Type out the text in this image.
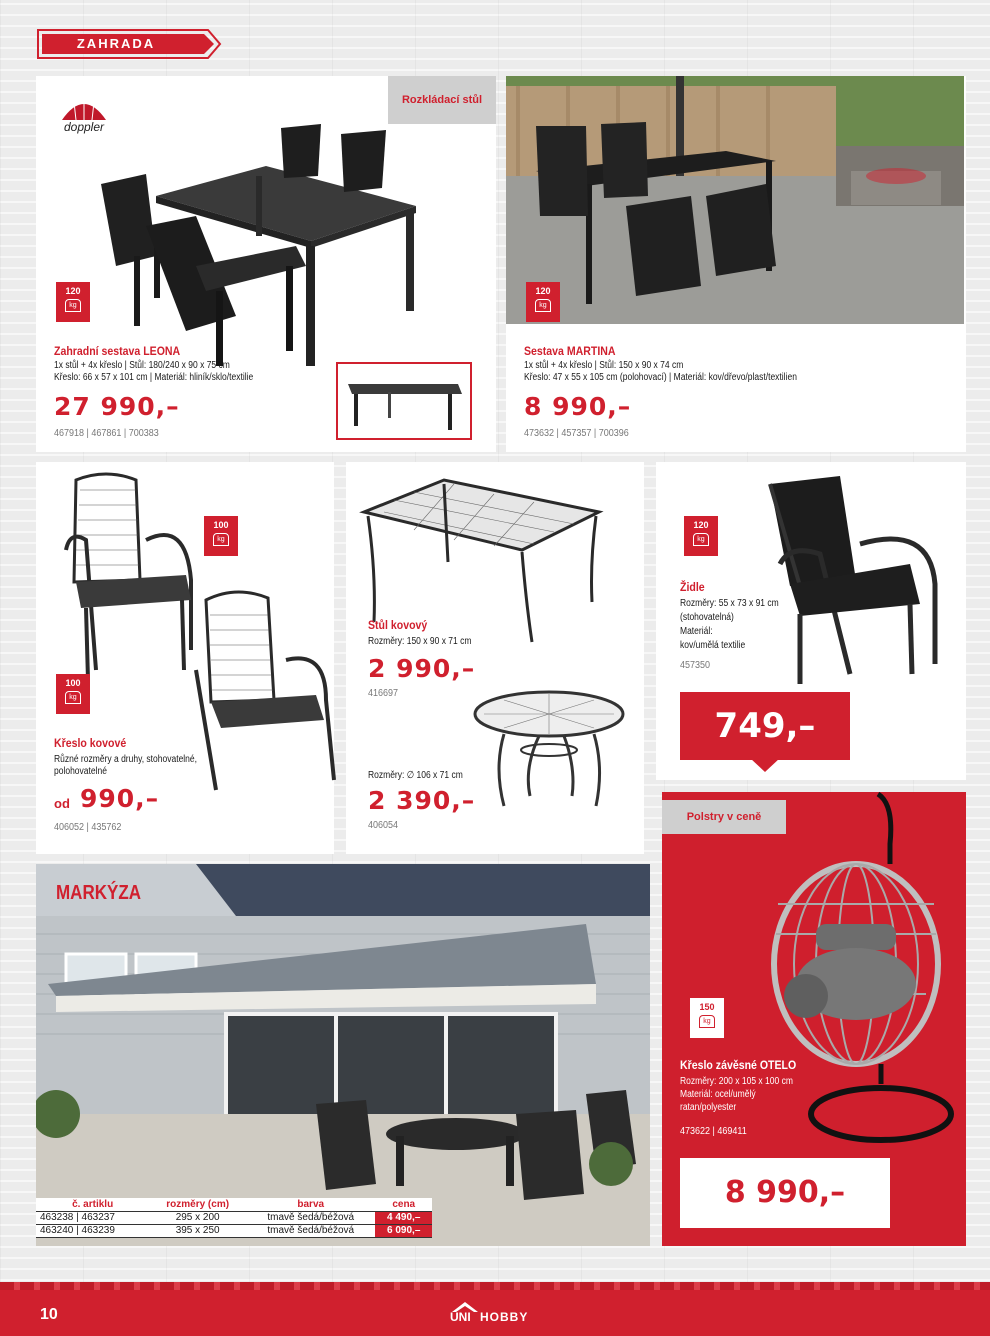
ZAHRADA
doppler
Rozkládací stůl
120
kg
Zahradní sestava LEONA
1x stůl + 4x křeslo | Stůl: 180/240 x 90 x 75 cm
Křeslo: 66 x 57 x 101 cm | Materiál: hliník/sklo/textilie
27 990,–
467918 | 467861 | 700383
120
kg
Sestava MARTINA
1x stůl + 4x křeslo | Stůl: 150 x 90 x 74 cm
Křeslo: 47 x 55 x 105 cm (polohovací) | Materiál: kov/dřevo/plast/textilien
8 990,–
473632 | 457357 | 700396
100
kg
100
kg
Křeslo kovové
Různé rozměry a druhy, stohovatelné,
polohovatelné
od 990,–
406052 | 435762
Stůl kovový
Rozměry: 150 x 90 x 71 cm
2 990,–
416697
Rozměry: ∅ 106 x 71 cm
2 390,–
406054
120
kg
Židle
Rozměry: 55 x 73 x 91 cm
(stohovatelná)
Materiál:
kov/umělá textilie
457350
749,–
MARKÝZA
č. artiklu	rozměry (cm)	barva	cena
463238 | 463237	295 x 200	tmavě šedá/béžová	4 490,–
463240 | 463239	395 x 250	tmavě šedá/béžová	6 090,–
Polstry v ceně
150
kg
Křeslo závěsné OTELO
Rozměry: 200 x 105 x 100 cm
Materiál: ocel/umělý
ratan/polyester
473622 | 469411
8 990,–
10	UNI HOBBY
